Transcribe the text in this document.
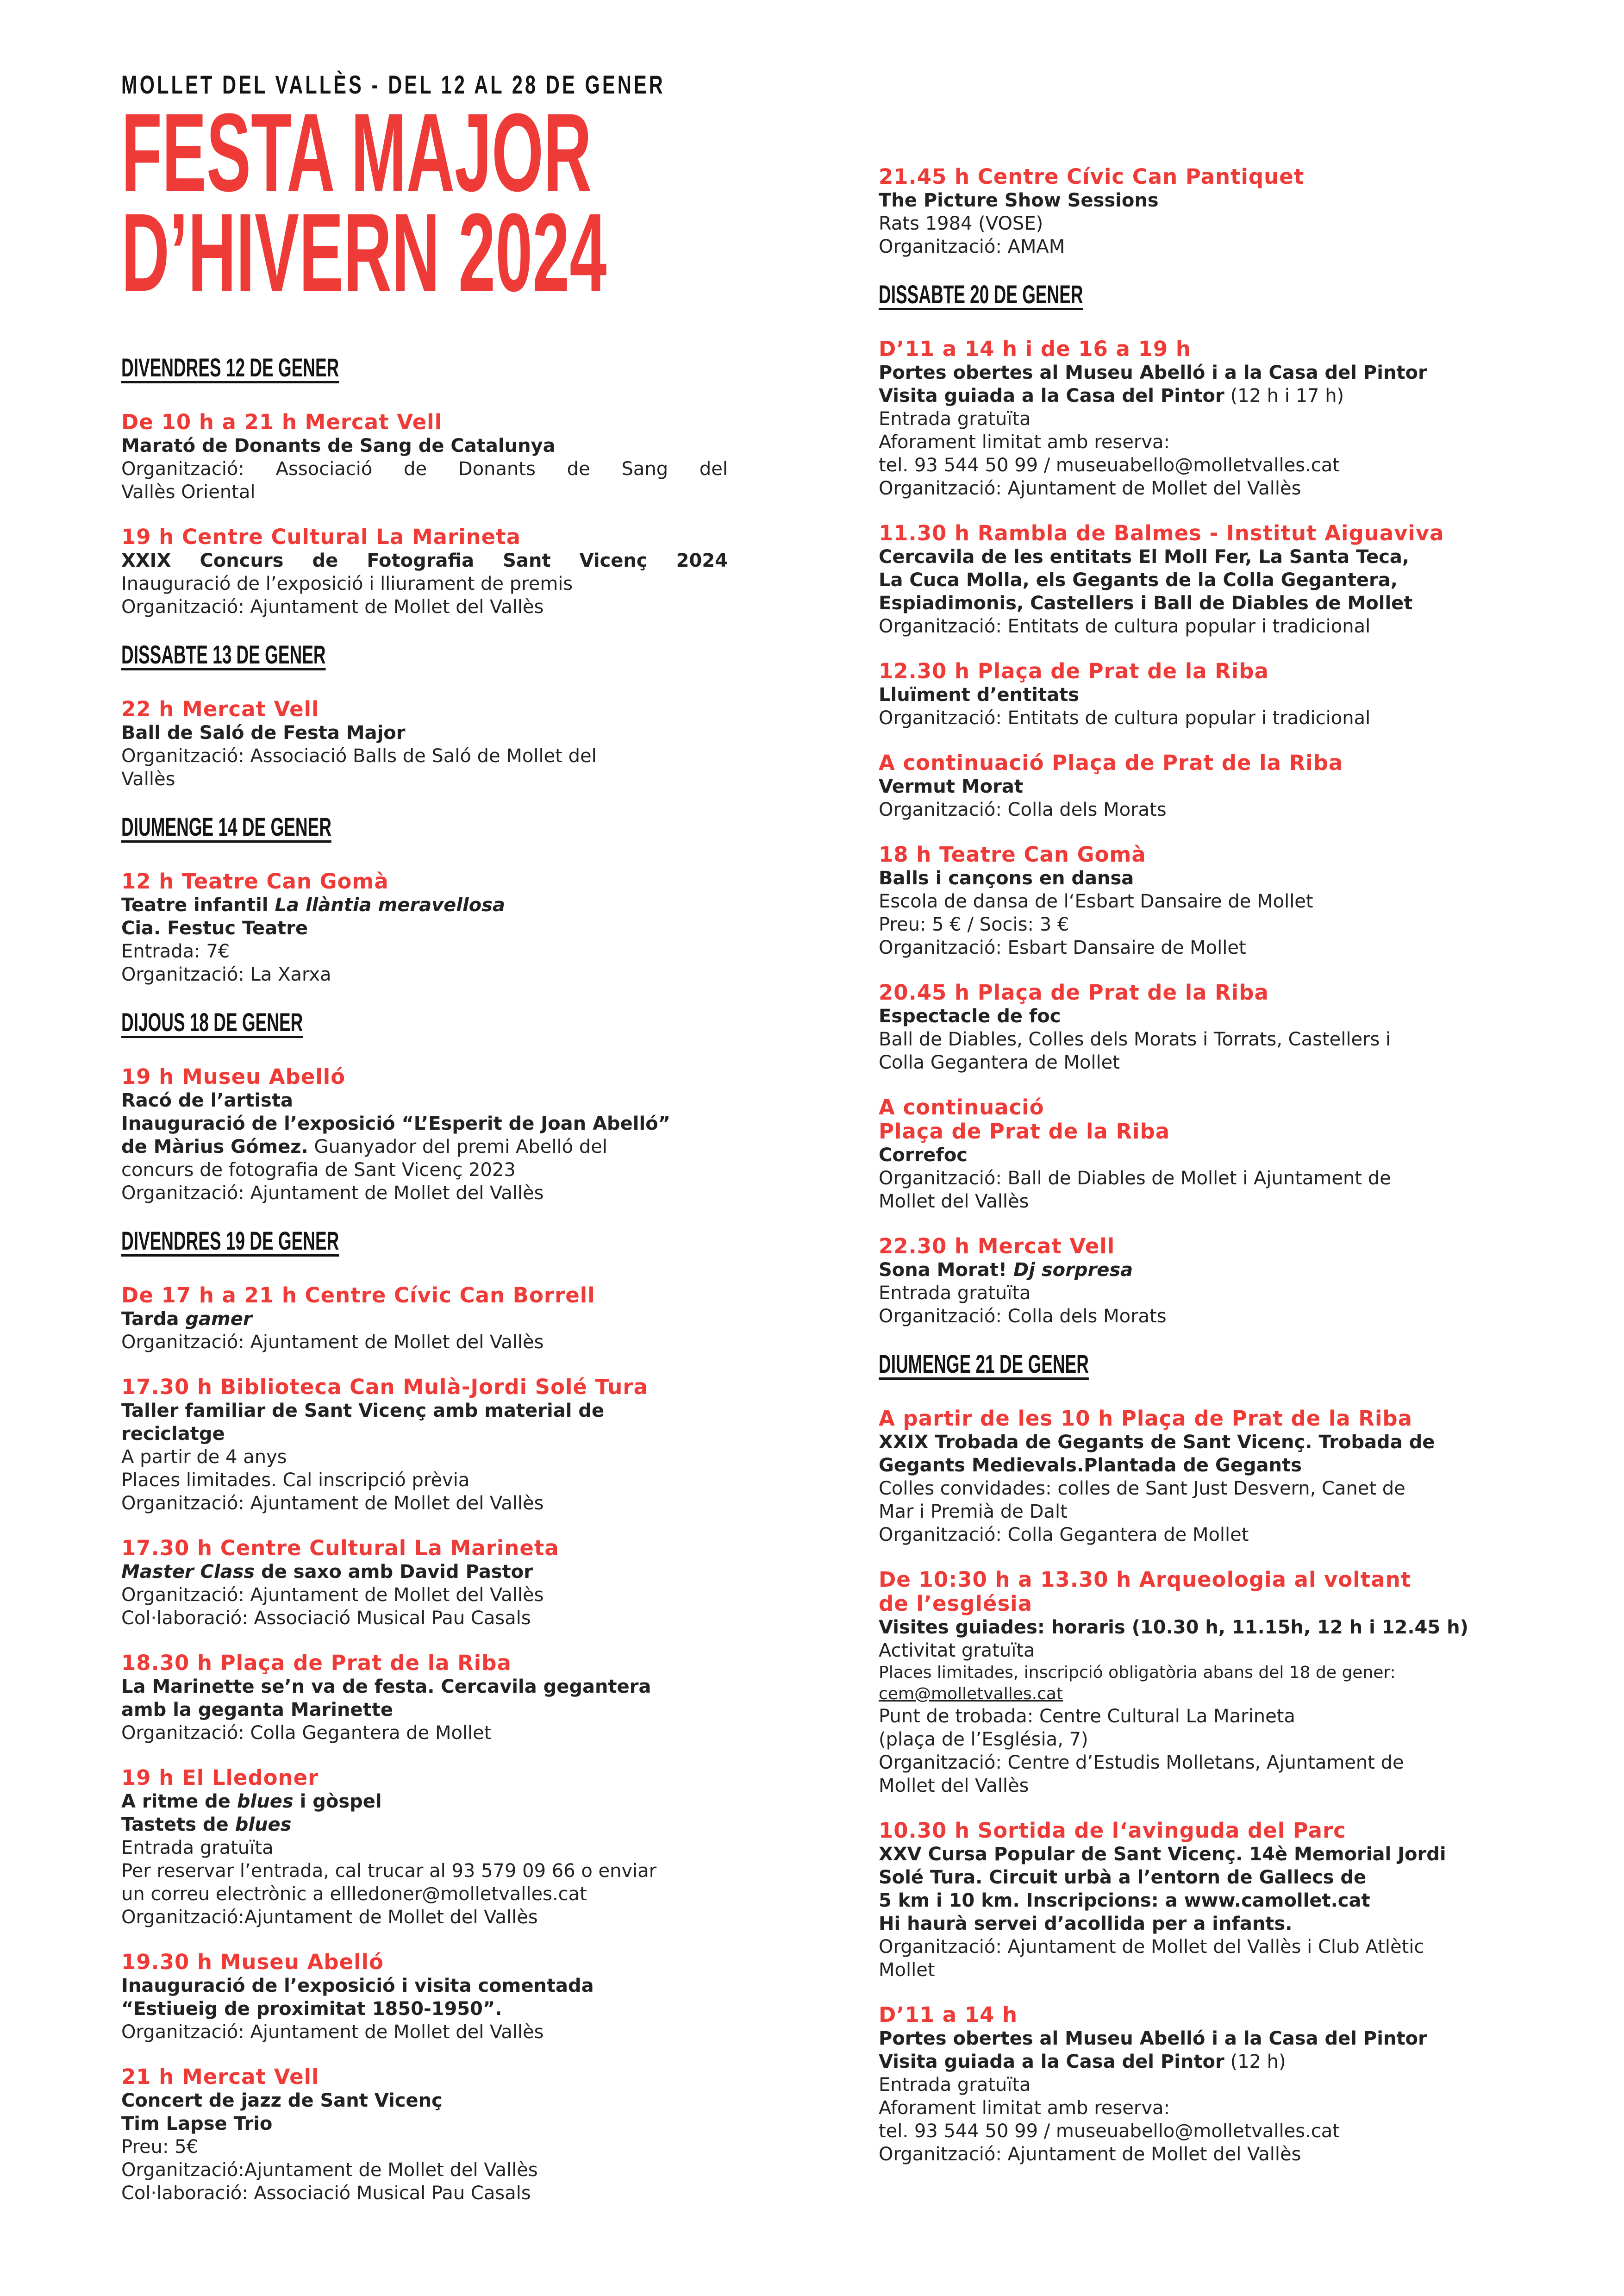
MOLLET DEL VALLÈS - DEL 12 AL 28 DE GENER
FESTA MAJOR
D’HIVERN 2024
DIVENDRES 12 DE GENER
De 10 h a 21 h Mercat Vell
Marató de Donants de Sang de Catalunya
Organització: Associació de Donants de Sang del
Vallès Oriental
19 h Centre Cultural La Marineta
XXIX Concurs de Fotografia Sant Vicenç 2024
Inauguració de l’exposició i lliurament de premis
Organització: Ajuntament de Mollet del Vallès
DISSABTE 13 DE GENER
22 h Mercat Vell
Ball de Saló de Festa Major
Organització: Associació Balls de Saló de Mollet del
Vallès
DIUMENGE 14 DE GENER
12 h Teatre Can Gomà
Teatre infantil La llàntia meravellosa
Cia. Festuc Teatre
Entrada: 7€
Organització: La Xarxa
DIJOUS 18 DE GENER
19 h Museu Abelló
Racó de l’artista
Inauguració de l’exposició “L’Esperit de Joan Abelló”
de Màrius Gómez. Guanyador del premi Abelló del
concurs de fotografia de Sant Vicenç 2023
Organització: Ajuntament de Mollet del Vallès
DIVENDRES 19 DE GENER
De 17 h a 21 h Centre Cívic Can Borrell
Tarda gamer
Organització: Ajuntament de Mollet del Vallès
17.30 h Biblioteca Can Mulà-Jordi Solé Tura
Taller familiar de Sant Vicenç amb material de
reciclatge
A partir de 4 anys
Places limitades. Cal inscripció prèvia
Organització: Ajuntament de Mollet del Vallès
17.30 h Centre Cultural La Marineta
Master Class de saxo amb David Pastor
Organització: Ajuntament de Mollet del Vallès
Col·laboració: Associació Musical Pau Casals
18.30 h Plaça de Prat de la Riba
La Marinette se’n va de festa. Cercavila gegantera
amb la geganta Marinette
Organització: Colla Gegantera de Mollet
19 h El Lledoner
A ritme de blues i gòspel
Tastets de blues
Entrada gratuïta
Per reservar l’entrada, cal trucar al 93 579 09 66 o enviar
un correu electrònic a ellledoner@molletvalles.cat
Organització:Ajuntament de Mollet del Vallès
19.30 h Museu Abelló
Inauguració de l’exposició i visita comentada
“Estiueig de proximitat 1850-1950”.
Organització: Ajuntament de Mollet del Vallès
21 h Mercat Vell
Concert de jazz de Sant Vicenç
Tim Lapse Trio
Preu: 5€
Organització:Ajuntament de Mollet del Vallès
Col·laboració: Associació Musical Pau Casals
21.45 h Centre Cívic Can Pantiquet
The Picture Show Sessions
Rats 1984 (VOSE)
Organització: AMAM
DISSABTE 20 DE GENER
D’11 a 14 h i de 16 a 19 h
Portes obertes al Museu Abelló i a la Casa del Pintor
Visita guiada a la Casa del Pintor (12 h i 17 h)
Entrada gratuïta
Aforament limitat amb reserva:
tel. 93 544 50 99 / museuabello@molletvalles.cat
Organització: Ajuntament de Mollet del Vallès
11.30 h Rambla de Balmes - Institut Aiguaviva
Cercavila de les entitats El Moll Fer, La Santa Teca,
La Cuca Molla, els Gegants de la Colla Gegantera,
Espiadimonis, Castellers i Ball de Diables de Mollet
Organització: Entitats de cultura popular i tradicional
12.30 h Plaça de Prat de la Riba
Lluïment d’entitats
Organització: Entitats de cultura popular i tradicional
A continuació Plaça de Prat de la Riba
Vermut Morat
Organització: Colla dels Morats
18 h Teatre Can Gomà
Balls i cançons en dansa
Escola de dansa de l‘Esbart Dansaire de Mollet
Preu: 5 € / Socis: 3 €
Organització: Esbart Dansaire de Mollet
20.45 h Plaça de Prat de la Riba
Espectacle de foc
Ball de Diables, Colles dels Morats i Torrats, Castellers i
Colla Gegantera de Mollet
A continuació
Plaça de Prat de la Riba
Correfoc
Organització: Ball de Diables de Mollet i Ajuntament de
Mollet del Vallès
22.30 h Mercat Vell
Sona Morat! Dj sorpresa
Entrada gratuïta
Organització: Colla dels Morats
DIUMENGE 21 DE GENER
A partir de les 10 h Plaça de Prat de la Riba
XXIX Trobada de Gegants de Sant Vicenç. Trobada de
Gegants Medievals.Plantada de Gegants
Colles convidades: colles de Sant Just Desvern, Canet de
Mar i Premià de Dalt
Organització: Colla Gegantera de Mollet
De 10:30 h a 13.30 h Arqueologia al voltant
de l’església
Visites guiades: horaris (10.30 h, 11.15h, 12 h i 12.45 h)
Activitat gratuïta
Places limitades, inscripció obligatòria abans del 18 de gener:
cem@molletvalles.cat
Punt de trobada: Centre Cultural La Marineta
(plaça de l’Església, 7)
Organització: Centre d’Estudis Molletans, Ajuntament de
Mollet del Vallès
10.30 h Sortida de l‘avinguda del Parc
XXV Cursa Popular de Sant Vicenç. 14è Memorial Jordi
Solé Tura. Circuit urbà a l’entorn de Gallecs de
5 km i 10 km. Inscripcions: a www.camollet.cat
Hi haurà servei d’acollida per a infants.
Organització: Ajuntament de Mollet del Vallès i Club Atlètic
Mollet
D’11 a 14 h
Portes obertes al Museu Abelló i a la Casa del Pintor
Visita guiada a la Casa del Pintor (12 h)
Entrada gratuïta
Aforament limitat amb reserva:
tel. 93 544 50 99 / museuabello@molletvalles.cat
Organització: Ajuntament de Mollet del Vallès
